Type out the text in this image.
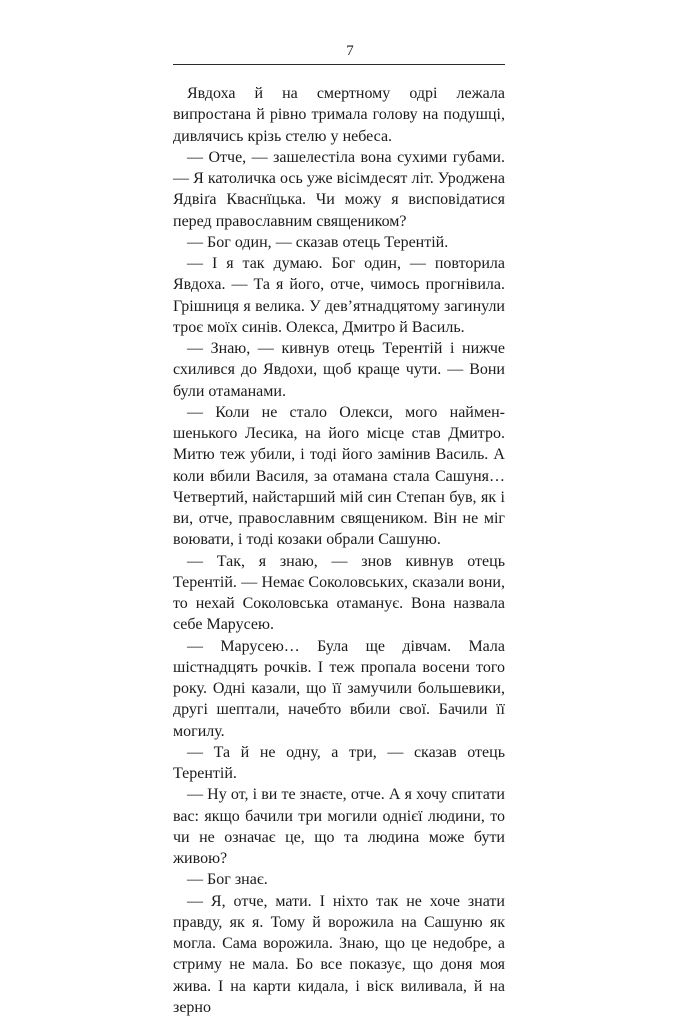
7

Явдоха й на смертному одрі лежала випростана й рівно тримала голову на подушці, дивлячись крізь стелю у небеса.

— Отче, — зашелестіла вона сухими губами. — Я католичка ось уже вісімдесят літ. Уроджена Ядвіґа Кваснїцька. Чи можу я висповідатися перед православним священиком?

— Бог один, — сказав отець Терентій.

— І я так думаю. Бог один, — повторила Явдоха. — Та я його, отче, чимось прогнівила. Грішниця я велика. У дев’ятнадцятому загинули троє моїх синів. Олекса, Дмитро й Василь.

— Знаю, — кивнув отець Терентій і нижче схилився до Явдохи, щоб краще чути. — Вони були отаманами.

— Коли не стало Олекси, мого найменшенького Лесика, на його місце став Дмитро. Митю теж убили, і тоді його замінив Василь. А коли вбили Василя, за отамана стала Сашуня… Четвертий, найстарший мій син Степан був, як і ви, отче, православним священиком. Він не міг воювати, і тоді козаки обрали Сашуню.

— Так, я знаю, — знов кивнув отець Терентій. — Немає Соколовських, сказали вони, то нехай Соколовська отаманує. Вона назвала себе Марусею.

— Марусею… Була ще дівчам. Мала шістнадцять рочків. І теж пропала восени того року. Одні казали, що її замучили большевики, другі шептали, начебто вбили свої. Бачили її могилу.

— Та й не одну, а три, — сказав отець Терентій.

— Ну от, і ви те знаєте, отче. А я хочу спитати вас: якщо бачили три могили однієї людини, то чи не означає це, що та людина може бути живою?

— Бог знає.

— Я, отче, мати. І ніхто так не хоче знати правду, як я. Тому й ворожила на Сашуню як могла. Сама ворожила. Знаю, що це недобре, а стриму не мала. Бо все показує, що доня моя жива. І на карти кидала, і віск виливала, й на зерно
